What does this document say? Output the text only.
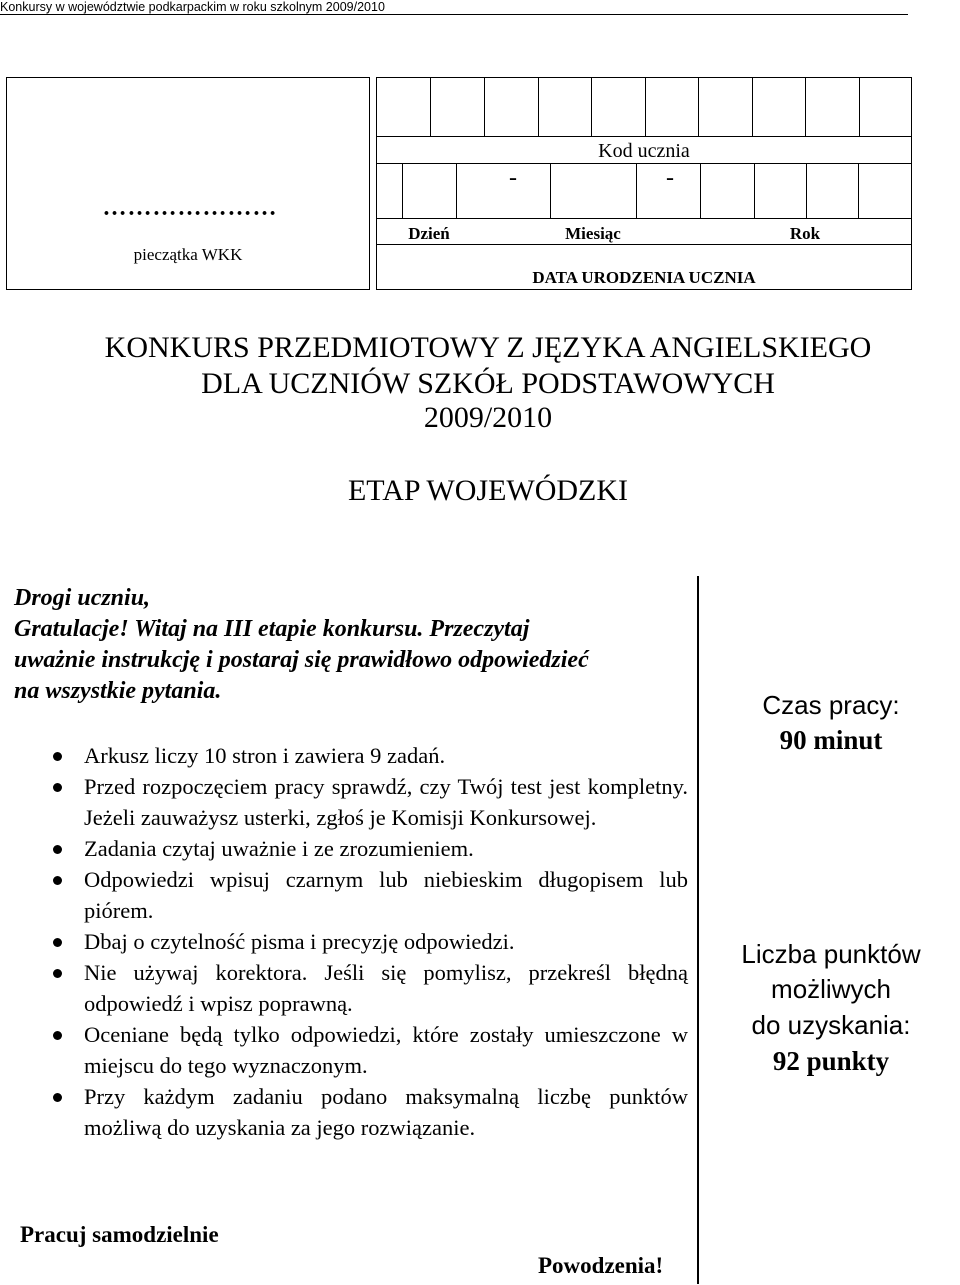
Konkursy w województwie podkarpackim w roku szkolnym 2009/2010
…………………
pieczątka WKK
Kod ucznia
-	-
Dzień	Miesiąc	Rok
DATA URODZENIA UCZNIA
KONKURS PRZEDMIOTOWY Z JĘZYKA ANGIELSKIEGO
DLA UCZNIÓW SZKÓŁ PODSTAWOWYCH
2009/2010
ETAP WOJEWÓDZKI
Drogi uczniu,
Gratulacje! Witaj na III etapie konkursu. Przeczytaj
uważnie instrukcję i postaraj się prawidłowo odpowiedzieć
na wszystkie pytania.
Arkusz liczy 10 stron i zawiera 9 zadań.
Przed rozpoczęciem pracy sprawdź, czy Twój test jest kompletny. Jeżeli zauważysz usterki, zgłoś je Komisji Konkursowej.
Zadania czytaj uważnie i ze zrozumieniem.
Odpowiedzi wpisuj czarnym lub niebieskim długopisem lub piórem.
Dbaj o czytelność pisma i precyzję odpowiedzi.
Nie używaj korektora. Jeśli się pomylisz, przekreśl błędną odpowiedź i wpisz poprawną.
Oceniane będą tylko odpowiedzi, które zostały umieszczone w miejscu do tego wyznaczonym.
Przy każdym zadaniu podano maksymalną liczbę punktów możliwą do uzyskania za jego rozwiązanie.
Czas pracy:
90 minut
Liczba punktów
możliwych
do uzyskania:
92 punkty
Pracuj samodzielnie
Powodzenia!
